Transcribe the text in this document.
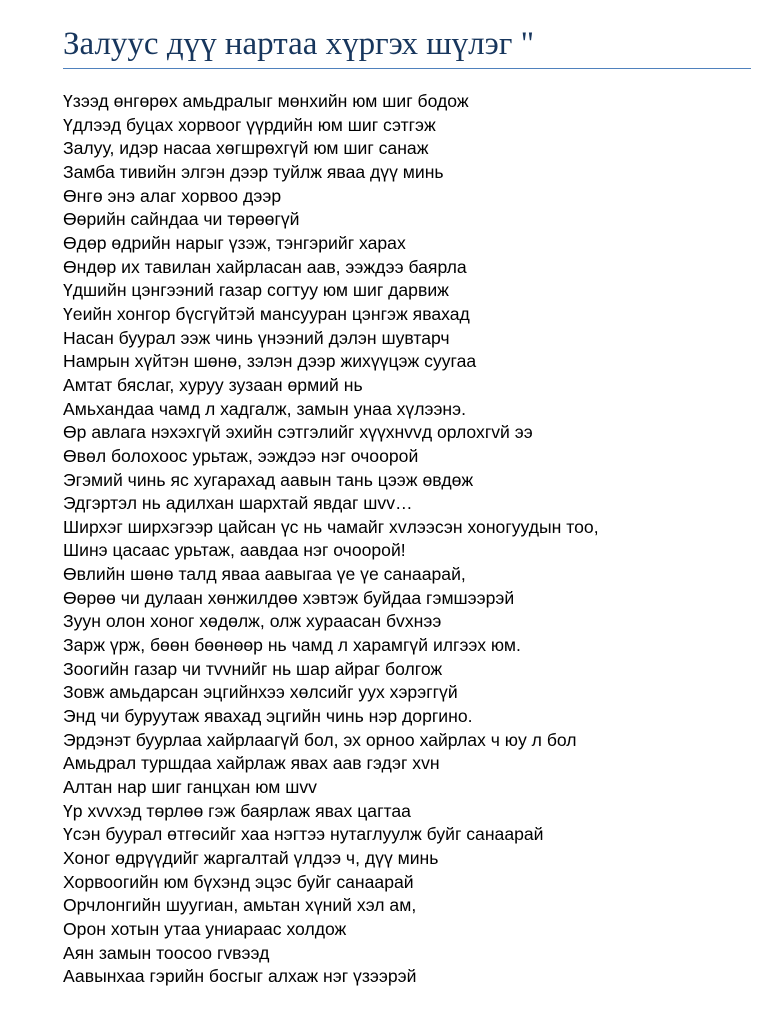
Залуус дүү нартаа хүргэх шүлэг "
Үзээд өнгөрөх амьдралыг мөнхийн юм шиг бодож
Үдлээд буцах хорвоог үүрдийн юм шиг сэтгэж
Залуу, идэр насаа хөгшрөхгүй юм шиг санаж
Замба тивийн элгэн дээр туйлж яваа дүү минь
Өнгө энэ алаг хорвоо дээр
Өөрийн сайндаа чи төрөөгүй
Өдөр өдрийн нарыг үзэж, тэнгэрийг харах
Өндөр их тавилан хайрласан аав, ээждээ баярла
Үдшийн цэнгээний газар согтуу юм шиг дарвиж
Үеийн хонгор бүсгүйтэй мансууран цэнгэж явахад
Насан буурал ээж чинь үнээний дэлэн шувтарч
Намрын хүйтэн шөнө, зэлэн дээр жихүүцэж суугаа
Амтат бяслаг, хуруу зузаан өрмий нь
Амьхандаа чамд л хадгалж, замын унаа хүлээнэ.
Өр авлага нэхэхгүй эхийн сэтгэлийг хүүхнvvд орлохгvй ээ
Өвөл болохоос урьтаж, ээждээ нэг очоорой
Эгэмий чинь яс хугарахад аавын тань цээж өвдөж
Эдгэртэл нь адилхан шархтай явдаг шvv…
Ширхэг ширхэгээр цайсан үс нь чамайг хvлээсэн хоногуудын тоо,
Шинэ цасаас урьтаж, аавдаа нэг очоорой!
Өвлийн шөнө талд яваа аавыгаа үе үе санаарай,
Өөрөө чи дулаан хөнжилдөө хэвтэж буйдаа гэмшээрэй
Зуун олон хоног хөдөлж, олж хураасан бvхнээ
Зарж үрж, бөөн бөөнөөр нь чамд л харамгүй илгээх юм.
Зоогийн газар чи тvvнийг нь шар айраг болгож
Зовж амьдарсан эцгийнхээ хөлсийг уух хэрэггүй
Энд чи буруутаж явахад эцгийн чинь нэр доргино.
Эрдэнэт буурлаа хайрлаагүй бол, эх орноо хайрлах ч юу л бол
Амьдрал туршдаа хайрлаж явах аав гэдэг хvн
Алтан нар шиг ганцхан юм шvv
Үр хvvхэд төрлөө гэж баярлаж явах цагтаа
Үсэн буурал өтгөсийг хаа нэгтээ нутаглуулж буйг санаарай
Хоног өдрүүдийг жаргалтай үлдээ ч, дүү минь
Хорвоогийн юм бүхэнд эцэс буйг санаарай
Орчлонгийн шуугиан, амьтан хүний хэл ам,
Орон хотын утаа униараас холдож
Аян замын тоосоо гvвээд
Аавынхаа гэрийн босгыг алхаж нэг үзээрэй
